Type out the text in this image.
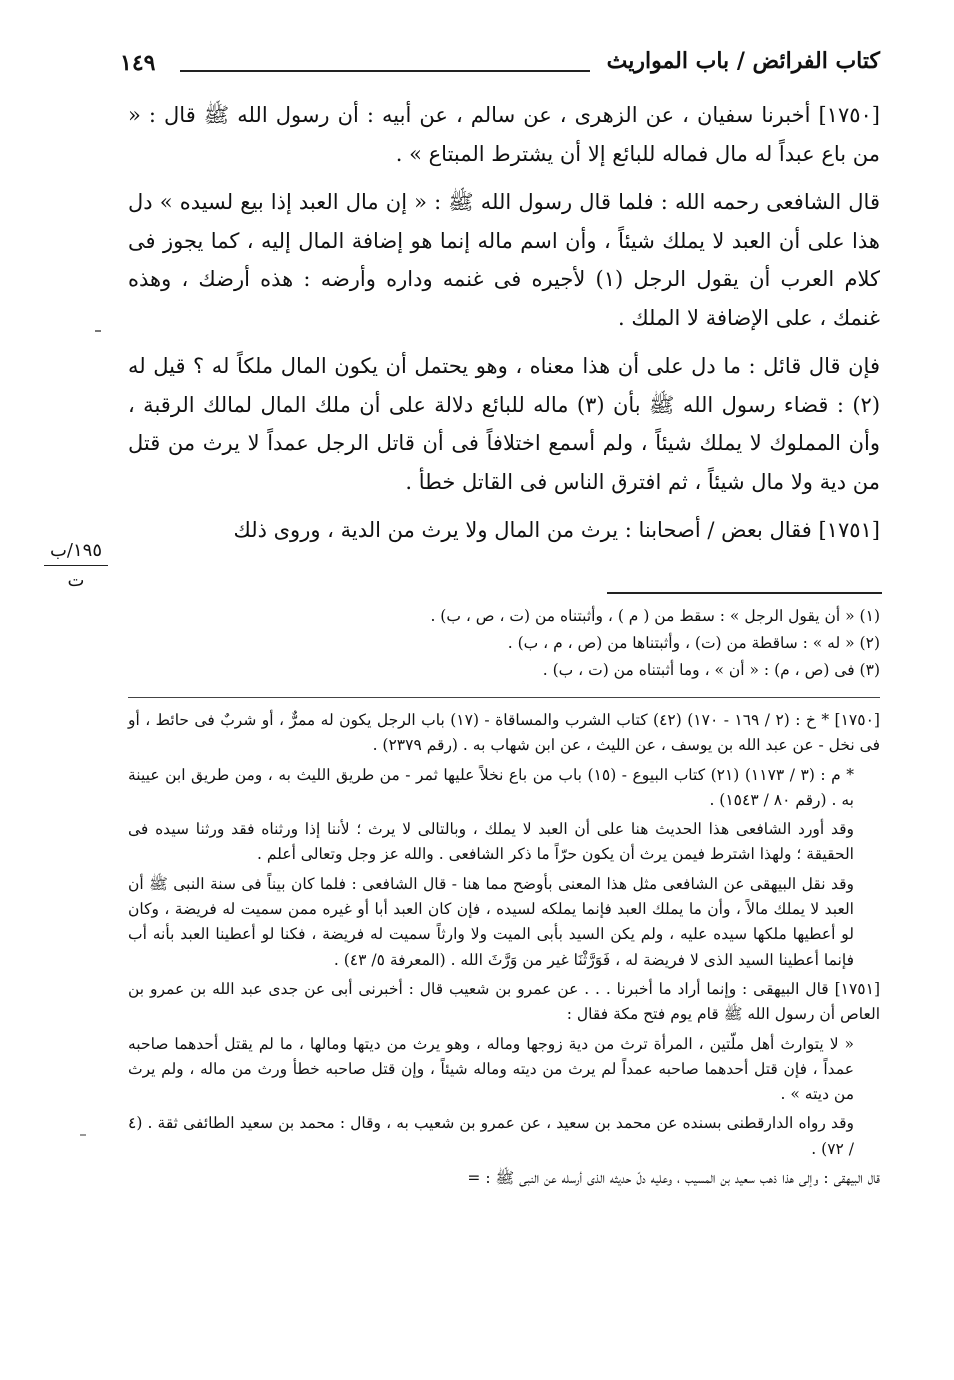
كتاب الفرائض / باب المواريث
١٤٩

[١٧٥٠] أخبرنا سفيان ، عن الزهرى ، عن سالم ، عن أبيه : أن رسول الله ﷺ قال : « من باع عبداً له مال فماله للبائع إلا أن يشترط المبتاع » .

قال الشافعى رحمه الله : فلما قال رسول الله ﷺ : « إن مال العبد إذا بيع لسيده » دل هذا على أن العبد لا يملك شيئاً ، وأن اسم ماله إنما هو إضافة المال إليه ، كما يجوز فى كلام العرب أن يقول الرجل (١) لأجيره فى غنمه وداره وأرضه : هذه أرضك ، وهذه غنمك ، على الإضافة لا الملك .

فإن قال قائل : ما دل على أن هذا معناه ، وهو يحتمل أن يكون المال ملكاً له ؟ قيل له (٢) : قضاء رسول الله ﷺ بأن (٣) ماله للبائع دلالة على أن ملك المال لمالك الرقبة ، وأن المملوك لا يملك شيئاً ، ولم أسمع اختلافاً فى أن قاتل الرجل عمداً لا يرث من قتل من دية ولا مال شيئاً ، ثم افترق الناس فى القاتل خطأ .

[١٧٥١] فقال بعض / أصحابنا : يرث من المال ولا يرث من الدية ، وروى ذلك

١٩٥/ب
ت
(١) « أن يقول الرجل » : سقط من ( م ) ، وأثبتناه من (ت ، ص ، ب) .
(٢) « له » : ساقطة من (ت) ، وأثبتناها من (ص ، م ، ب) .
(٣) فى (ص ، م) : « أن » ، وما أثبتناه من (ت ، ب) .

[١٧٥٠] * خ : (٢ / ١٦٩ - ١٧٠) (٤٢) كتاب الشرب والمساقاة - (١٧) باب الرجل يكون له ممرٌّ ، أو شربٌ فى حائط ، أو فى نخل - عن عبد الله بن يوسف ، عن الليث ، عن ابن شهاب به . (رقم ٢٣٧٩) .

* م : (٣ / ١١٧٣) (٢١) كتاب البيوع - (١٥) باب من باع نخلاً عليها ثمر - من طريق الليث به ، ومن طريق ابن عيينة به . (رقم ٨٠ / ١٥٤٣) .

وقد أورد الشافعى هذا الحديث هنا على أن العبد لا يملك ، وبالتالى لا يرث ؛ لأننا إذا ورثناه فقد ورثنا سيده فى الحقيقة ؛ ولهذا اشترط فيمن يرث أن يكون حرّاً ما ذكر الشافعى . والله عز وجل وتعالى أعلم .

وقد نقل البيهقى عن الشافعى مثل هذا المعنى بأوضح مما هنا - قال الشافعى : فلما كان بيناً فى سنة النبى ﷺ أن العبد لا يملك مالاً ، وأن ما يملك العبد فإنما يملكه لسيده ، فإن كان العبد أبا أو غيره ممن سميت له فريضة ، وكان لو أعطيها ملكها سيده عليه ، ولم يكن السيد بأبى الميت ولا وارثاً سميت له فريضة ، فكنا لو أعطينا العبد بأنه أب فإنما أعطينا السيد الذى لا فريضة له ، فَوَرَّثْنَا غير من وَرَّثَ الله . (المعرفة ٥/ ٤٣) .

[١٧٥١] قال البيهقى : وإنما أراد ما أخبرنا . . . عن عمرو بن شعيب قال : أخبرنى أبى عن جدى عبد الله بن عمرو بن العاص أن رسول الله ﷺ قام يوم فتح مكة فقال :

« لا يتوارث أهل ملّتين ، المرأة ترث من دية زوجها وماله ، وهو يرث من ديتها ومالها ، ما لم يقتل أحدهما صاحبه عمداً ، فإن قتل أحدهما صاحبه عمداً لم يرث من ديته وماله شيئاً ، وإن قتل صاحبه خطأ ورث من ماله ، ولم يرث من ديته » .

وقد رواه الدارقطنى بسنده عن محمد بن سعيد ، عن عمرو بن شعيب به ، وقال : محمد بن سعيد الطائفى ثقة . (٤ / ٧٢) .

قال البيهقى : وإلى هذا ذهب سعيد بن المسيب ، وعليه دلّ حديثه الذى أرسله عن النبى ﷺ : =
